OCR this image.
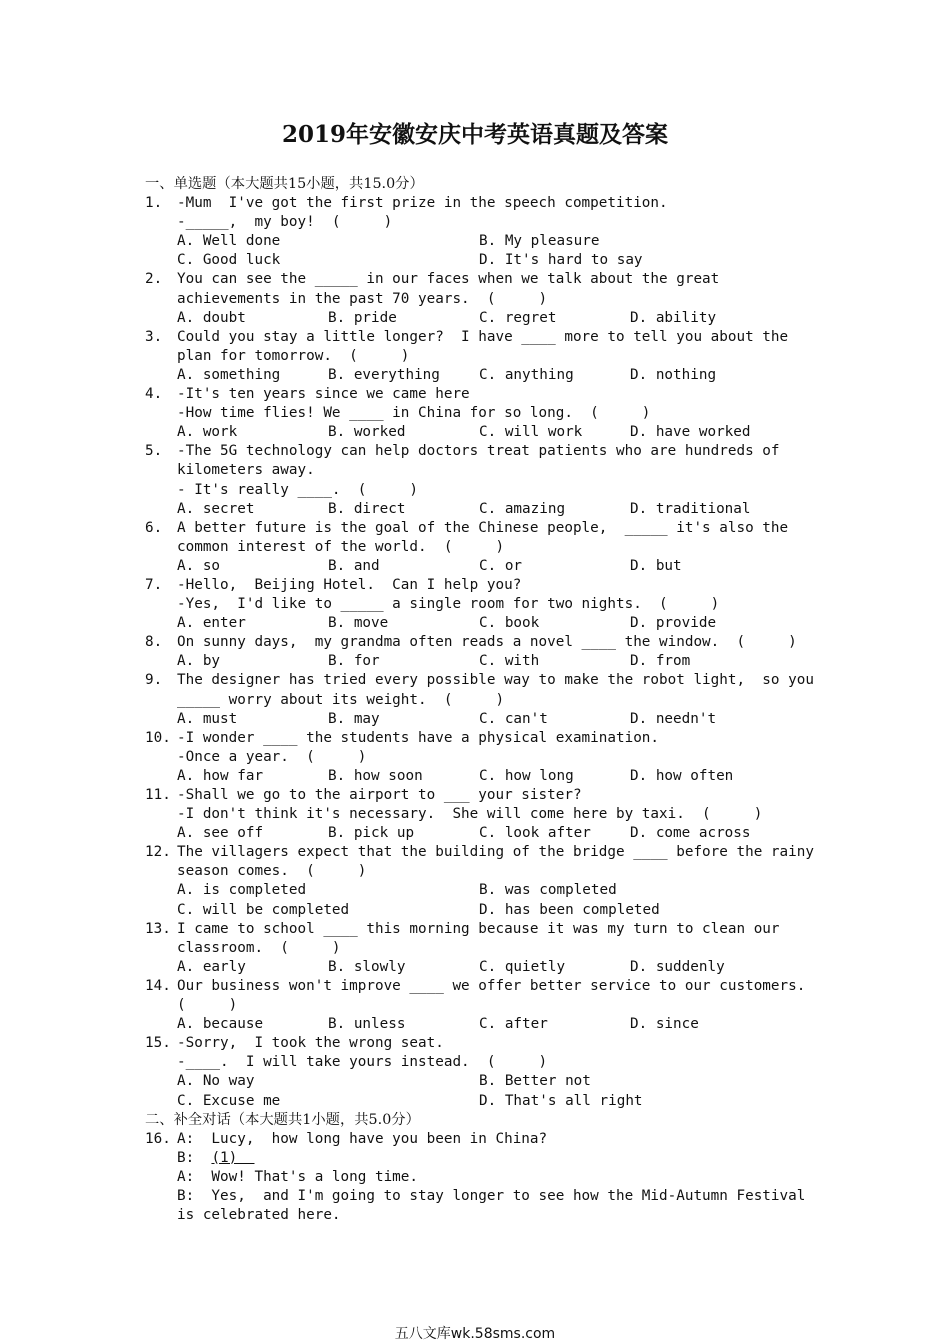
2019年安徽安庆中考英语真题及答案
一、单选题（本大题共15小题，共15.0分）
1. -Mum  I've got the first prize in the speech competition.
-_____,  my boy!  (     )
A. Well done	B. My pleasure
C. Good luck	D. It's hard to say
2. You can see the _____ in our faces when we talk about the great
achievements in the past 70 years.  (     )
A. doubt	B. pride	C. regret	D. ability
3. Could you stay a little longer?  I have ____ more to tell you about the
plan for tomorrow.  (     )
A. something	B. everything	C. anything	D. nothing
4. -It's ten years since we came here
-How time flies! We ____ in China for so long.  (     )
A. work	B. worked	C. will work	D. have worked
5. -The 5G technology can help doctors treat patients who are hundreds of
kilometers away.
- It's really ____.  (     )
A. secret	B. direct	C. amazing	D. traditional
6. A better future is the goal of the Chinese people,  _____ it's also the
common interest of the world.  (     )
A. so	B. and	C. or	D. but
7. -Hello,  Beijing Hotel.  Can I help you?
-Yes,  I'd like to _____ a single room for two nights.  (     )
A. enter	B. move	C. book	D. provide
8. On sunny days,  my grandma often reads a novel ____ the window.  (     )
A. by	B. for	C. with	D. from
9. The designer has tried every possible way to make the robot light,  so you
_____ worry about its weight.  (     )
A. must	B. may	C. can't	D. needn't
10. -I wonder ____ the students have a physical examination.
-Once a year.  (     )
A. how far	B. how soon	C. how long	D. how often
11. -Shall we go to the airport to ___ your sister?
-I don't think it's necessary.  She will come here by taxi.  (     )
A. see off	B. pick up	C. look after	D. come across
12. The villagers expect that the building of the bridge ____ before the rainy
season comes.  (     )
A. is completed	B. was completed
C. will be completed	D. has been completed
13. I came to school ____ this morning because it was my turn to clean our
classroom.  (     )
A. early	B. slowly	C. quietly	D. suddenly
14. Our business won't improve ____ we offer better service to our customers.
(     )
A. because	B. unless	C. after	D. since
15. -Sorry,  I took the wrong seat.
-____.  I will take yours instead.  (     )
A. No way	B. Better not
C. Excuse me	D. That's all right
二、补全对话（本大题共1小题，共5.0分）
16. A:  Lucy,  how long have you been in China?
B:  (1)
A:  Wow! That's a long time.
B:  Yes,  and I'm going to stay longer to see how the Mid-Autumn Festival
is celebrated here.
五八文库wk.58sms.com
